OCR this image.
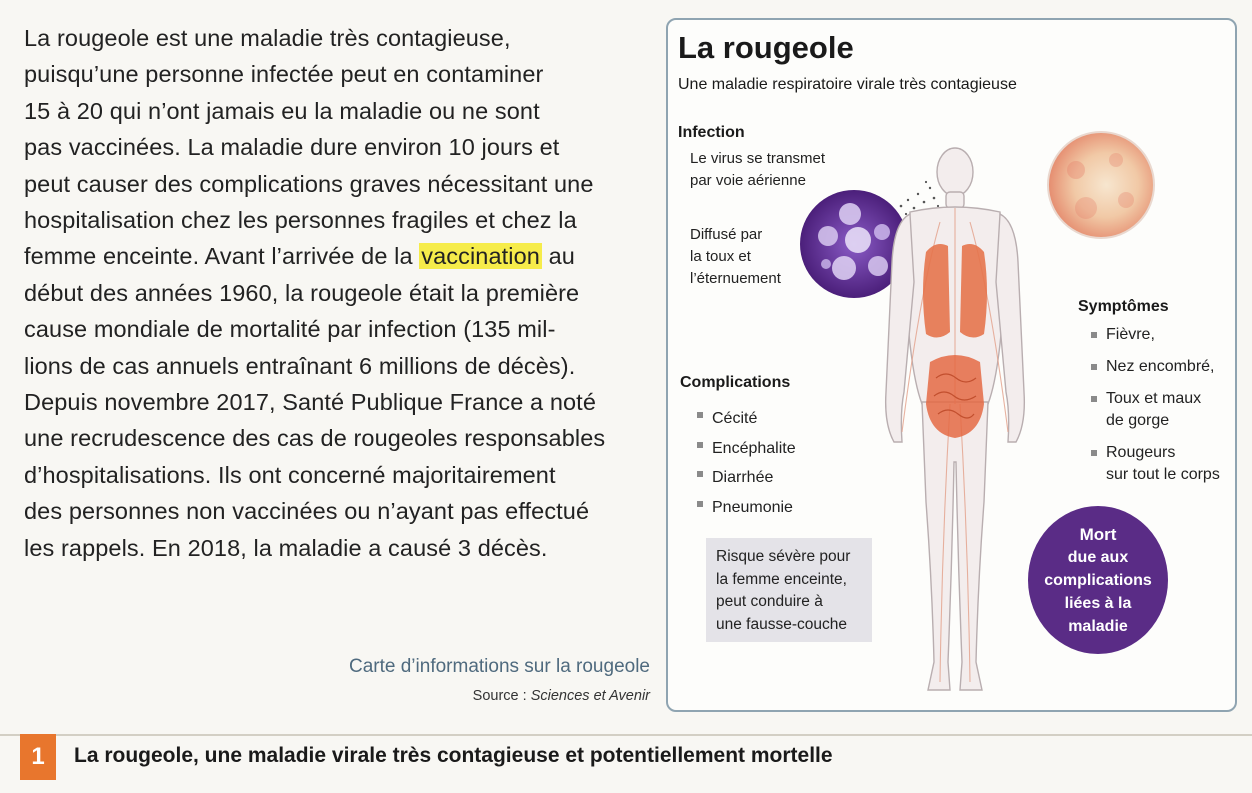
La rougeole est une maladie très contagieuse,
puisqu’une personne infectée peut en contaminer
15 à 20 qui n’ont jamais eu la maladie ou ne sont
pas vaccinées. La maladie dure environ 10 jours et
peut causer des complications graves nécessitant une
hospitalisation chez les personnes fragiles et chez la
femme enceinte. Avant l’arrivée de la vaccination au
début des années 1960, la rougeole était la première
cause mondiale de mortalité par infection (135 mil-
lions de cas annuels entraînant 6 millions de décès).
Depuis novembre 2017, Santé Publique France a noté
une recrudescence des cas de rougeoles responsables
d’hospitalisations. Ils ont concerné majoritairement
des personnes non vaccinées ou n’ayant pas effectué
les rappels. En 2018, la maladie a causé 3 décès.
Carte d’informations sur la rougeole
Source : Sciences et Avenir
La rougeole
Une maladie respiratoire virale très contagieuse
Infection
Le virus se transmet
par voie aérienne
Diffusé par
la toux et
l’éternuement
Symptômes
Fièvre,
Nez encombré,
Toux et maux
de gorge
Rougeurs
sur tout le corps
Complications
Cécité
Encéphalite
Diarrhée
Pneumonie
Risque sévère pour
la femme enceinte,
peut conduire à
une fausse-couche
Mort
due aux
complications
liées à la
maladie
1	La rougeole, une maladie virale très contagieuse et potentiellement mortelle
